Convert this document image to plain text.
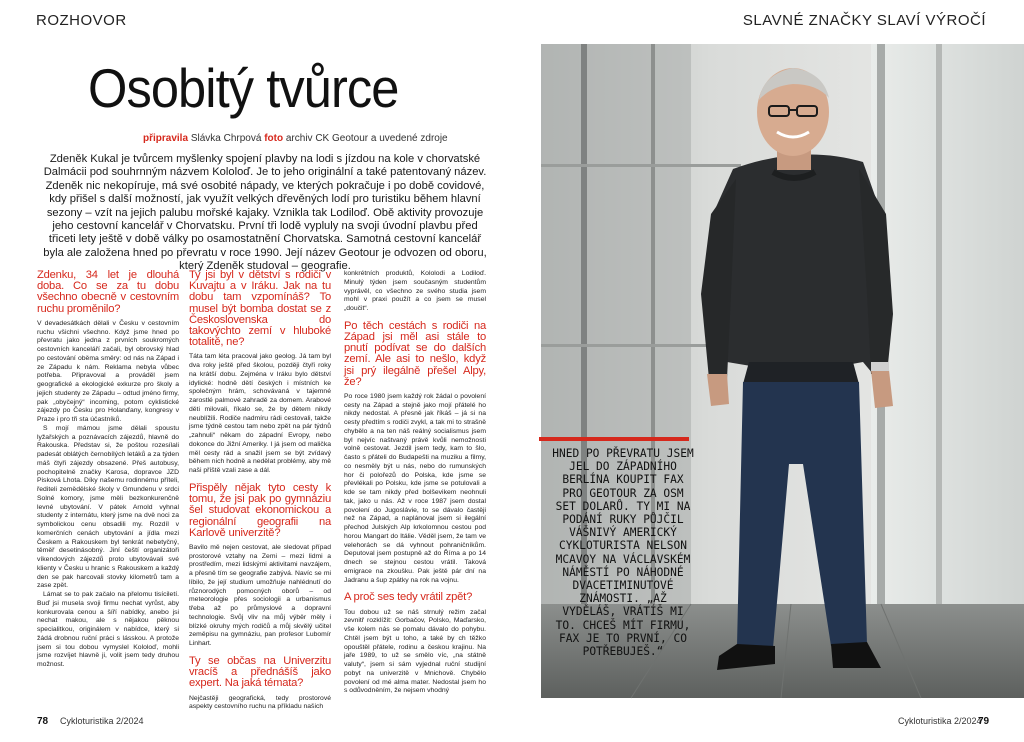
ROZHOVOR	SLAVNÉ ZNAČKY SLAVÍ VÝROČÍ
Osobitý tvůrce
připravila Slávka Chrpová foto archiv CK Geotour a uvedené zdroje
Zdeněk Kukal je tvůrcem myšlenky spojení plavby na lodi s jízdou na kole v chorvatské Dalmácii pod souhrnným názvem Kololoď. Je to jeho originální a také patentovaný název. Zdeněk nic nekopíruje, má své osobité nápady, ve kterých pokračuje i po době covidové, kdy přišel s další možností, jak využít velkých dřevěných lodí pro turistiku během hlavní sezony – vzít na jejich palubu mořské kajaky. Vznikla tak Lodiloď. Obě aktivity provozuje jeho cestovní kancelář v Chorvatsku. První tři lodě vypluly na svoji úvodní plavbu před třiceti lety ještě v době války po osamostatnění Chorvatska. Samotná cestovní kancelář byla ale založena hned po převratu v roce 1990. Její název Geotour je odvozen od oboru, který Zdeněk studoval – geografie.
Zdenku, 34 let je dlouhá doba. Co se za tu dobu všechno obecně v cestovním ruchu proměnilo?

V devadesátkách dělali v Česku v cestovním ruchu všichni všechno. Když jsme hned po převratu jako jedna z prvních soukromých cestovních kanceláří začali, byl obrovský hlad po cestování oběma směry: od nás na Západ i ze Západu k nám. Reklama nebyla vůbec potřeba. Připravoval a prováděl jsem geografické a ekologické exkurze pro školy a jejich studenty ze Západu – odtud jméno firmy, pak „obyčejný“ incoming, potom cyklistické zájezdy po Česku pro Holanďany, kongresy v Praze i pro tři sta účastníků.

S mojí mámou jsme dělali spoustu lyžařských a poznávacích zájezdů, hlavně do Rakouska. Představ si, že poštou rozesílali padesát oblátých černobílých letáků a za týden máš čtyři zájezdy obsazené. Přeš autobusy, pochopitelně značky Karosa, dopravce JZD Pisková Lhota. Díky našemu rodinnému příteli, řediteli zemědělské školy v Gmundenu v srdci Solné komory, jsme měli bezkonkurenčně levné ubytování. V pátek Arnold vyhnal studenty z internátu, který jsme na dvě noci za symbolickou cenu obsadili my. Rozdíl v komerčních cenách ubytování a jídla mezi Českem a Rakouskem byl tenkrát nebetyčný, těměř desetinásobný. Jiní čeští organizátoři víkendových zájezdů proto ubytovávali své klienty v Česku u hranic s Rakouskem a každý den se pak harcovali stovky kilometrů tam a zase zpět.

Lámat se to pak začalo na přelomu tisíciletí. Buď jsi musela svoji firmu nechat vyrůst, aby konkurovala cenou a šíří nabídky, anebo jsi nechat makou, ale s nějakou pěknou specialitkou, originálem v nabídce, který si žádá drobnou ruční práci s lásskou. A protože jsem si tou dobou vymyslel Kololoď, mohli jsme rozvíjet hlavně ji, volit jsem tedy druhou možnost.

Ty jsi byl v dětství s rodiči v Kuvajtu a v Iráku. Jak na tu dobu tam vzpomínáš? To musel být bomba dostat se z Československa do takovýchto zemí v hluboké totalitě, ne?

Táta tam léta pracoval jako geolog. Já tam byl dva roky ještě před školou, později čtyři roky na krátší dobu. Zejména v Iráku bylo dětství idylické: hodně dětí českých i místních ke společným hrám, schovávaná v tajemné zarostlé palmové zahradě za domem. Arabové děti milovali, říkalo se, že by dětem nikdy neublížili. Rodiče nadmíru rádi cestovali, takže jsme týdně cestou tam nebo zpět na pár týdnů „zahnuli“ někam do západní Evropy, nebo dokonce do Jižní Ameriky. I já jsem od malička měl cesty rád a snažil jsem se být zvídavý během nich hodně a nedělat problémy, aby mě naši příště vzali zase a dál.

Přispěly nějak tyto cesty k tomu, že jsi pak po gymnáziu šel studovat ekonomickou a regionální geografii na Karlově univerzitě?

Bavilo mě nejen cestovat, ale sledovat případ prostorové vztahy na Zemi – mezi lidmi a prostředím, mezi lidskými aktivitami navzájem, a přesně tím se geografie zabývá. Navíc se mi líbilo, že její studium umožňuje nahlédnutí do různorodých pomocných oborů – od meteorologie přes sociologii a urbanismus třeba až po průmyslové a dopravní technologie. Svůj vliv na můj výběr měly i blízké okruhy mých rodičů a můj skvělý učitel zeměpisu na gymnáziu, pan profesor Lubomír Linhart.

Ty se občas na Univerzitu vracíš a přednášíš jako expert. Na jaká témata?

Nejčastěji geografická, tedy prostorové aspekty cestovního ruchu na příkladu našich

konkrétních produktů, Kololodi a Lodiloď. Minulý týden jsem současným studentům vyprávěl, co všechno ze svého studia jsem mohl v praxi použít a co jsem se musel „doučit“.

Po těch cestách s rodiči na Západ jsi měl asi stále to pnutí podívat se do dalších zemí. Ale asi to nešlo, když jsi prý ilegálně přešel Alpy, že?

Po roce 1980 jsem každý rok žádal o povolení cesty na Západ a stejně jako mojí přátelé ho nikdy nedostal. A přesně jak říkáš – já si na cesty předtím s rodiči zvykl, a tak mi to strašně chybělo a na ten náš reálný socialismus jsem byl nejvíc naštvaný právě kvůli nemožnosti volně cestovat. Jezdil jsem tedy, kam to šlo, často s přáteli do Budapešti na muziku a filmy, co nesměly být u nás, nebo do rumunských hor či polořezů do Polska, kde jsme se převlékali po Polsku, kde jsme se potulovali a kde se tam nikdy před bolševikem neohnuli tak, jako u nás. Až v roce 1987 jsem dostal povolení do Jugoslávie, to se dávalo častěji než na Západ, a naplánoval jsem si ilegální přechod Julských Alp krkolomnou cestou pod horou Mangart do Itálie. Věděl jsem, že tam ve velehorách se dá vyhnout pohraničníkům. Deputoval jsem postupně až do Říma a po 14 dnech se stejnou cestou vrátil. Taková emigrace na zkoušku. Pak ještě pár dní na Jadranu a šup zpátky na rok na vojnu.

A proč ses tedy vrátil zpět?

Tou dobou už se náš strnulý režim začal zevnitř rozklížit: Gorbačov, Polsko, Maďarsko, vše kolem nás se pomalu dávalo do pohybu. Chtěl jsem být u toho, a také by ch těžko opouštěl přátele, rodinu a českou krajinu. Na jaře 1989, to už se smělo víc, „na státně valuty“, jsem si sám vyjednal ruční studijní pobyt na univerzitě v Mnichově. Chybělo povolení od mé alma mater. Nedostal jsem ho s odůvodněním, že nejsem vhodný

HNED PO PŘEVRATU JSEM JEL DO ZÁPADNÍHO BERLÍNA KOUPIT FAX PRO GEOTOUR ZA OSM SET DOLARŮ. TY MI NA PODÁNÍ RUKY PŮJČIL VÁŠNIVÝ AMERICKÝ CYKLOTURISTA NELSON MCAVOY NA VÁCLAVSKÉM NÁMĚSTÍ PO NÁHODNÉ DVACETIMINUTOVÉ ZNÁMOSTI. „AŽ VYDĚLÁŠ, VRÁTÍŠ MI TO. CHCEŠ MÍT FIRMU, FAX JE TO PRVNÍ, CO POTŘEBUJEŠ.“
78 Cykloturistika 2/2024	Cykloturistika 2/2024
79
